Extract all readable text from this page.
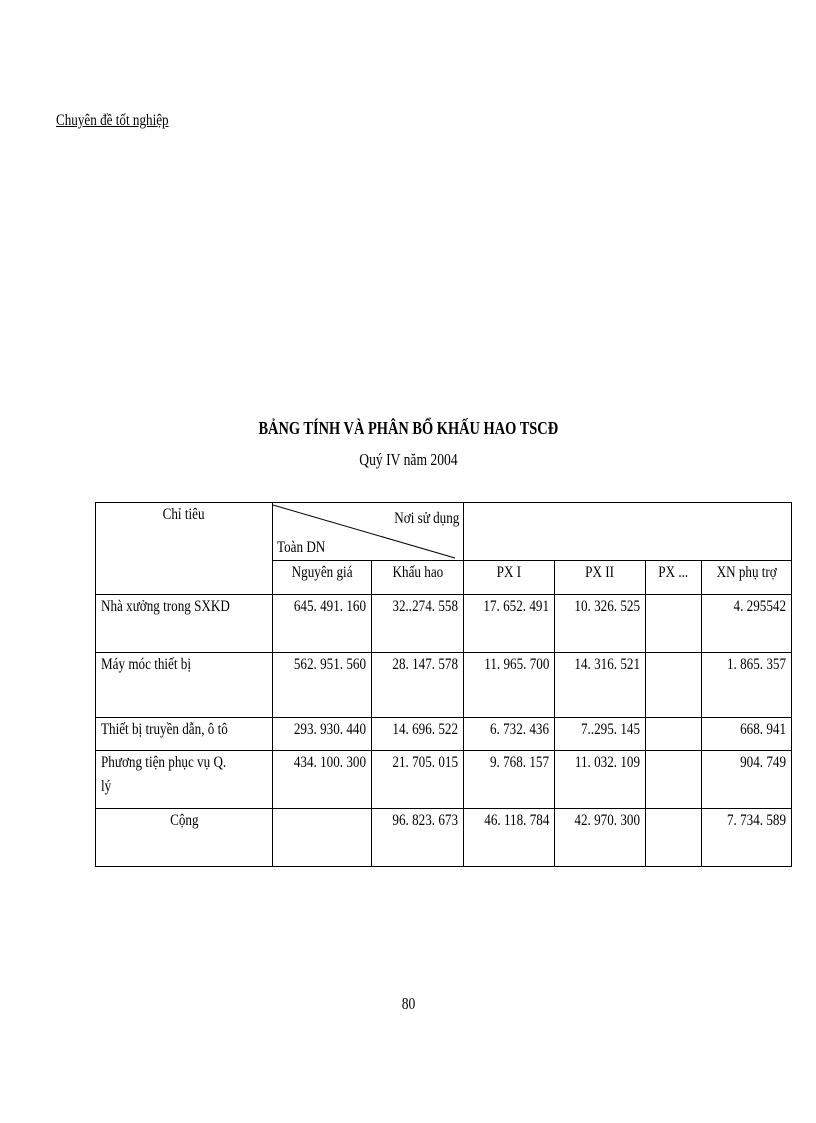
Chuyên đề tốt nghiệp
BẢNG TÍNH VÀ PHÂN BỔ KHẤU HAO TSCĐ
Quý IV năm 2004
Chỉ tiêu	Nơi sử dụng
Toàn DN					

	Nguyên giá	Khấu hao	PX I	PX II	PX ...	XN phụ trợ

Nhà xưởng trong SXKD	645. 491. 160	32..274. 558	17. 652. 491	10. 326. 525		4. 295542
Máy móc thiết bị	562. 951. 560	28. 147. 578	11. 965. 700	14. 316. 521		1. 865. 357
Thiết bị truyền dẫn, ô tô	293. 930. 440	14. 696. 522	6. 732. 436	7..295. 145		668. 941

Phương tiện phục vụ Q. lý	434. 100. 300	21. 705. 015	9. 768. 157	11. 032. 109		904. 749
Cộng		96. 823. 673	46. 118. 784	42. 970. 300		7. 734. 589
80
